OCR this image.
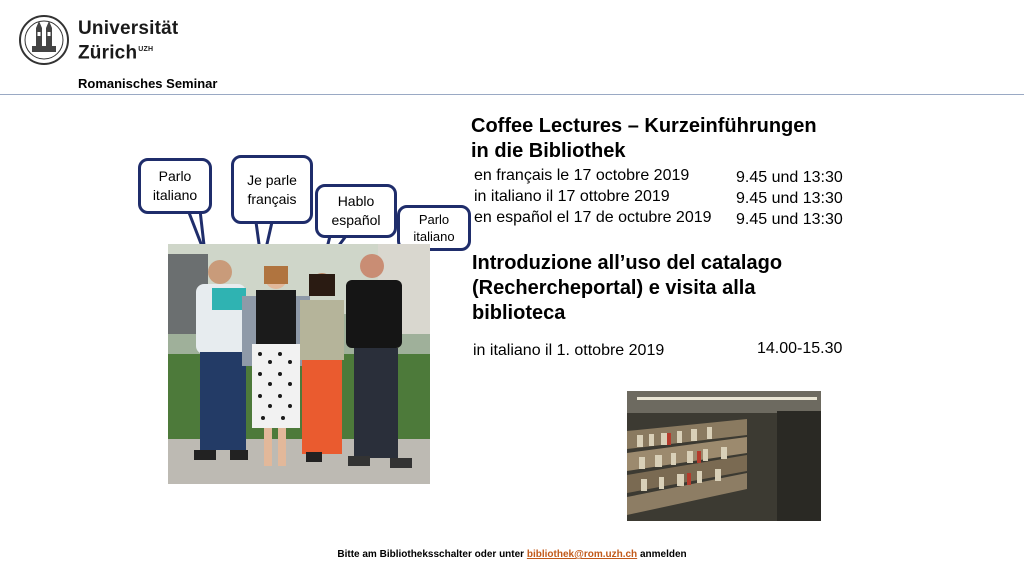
Universität
Zürich$^{UZH}$
Romanisches Seminar
Parlo
italiano
Je parle
français	Hablo
español	Parlo
italiano
Coffee Lectures – Kurzeinführungen
in die Bibliothek
en français le 17 octobre 2019	9.45 und 13:30
in italiano il 17 ottobre 2019	9.45 und 13:30
en español el 17 de octubre 2019 9.45 und 13:30
Introduzione all’uso del catalago
(Rechercheportal) e visita alla
biblioteca
in italiano il 1. ottobre 2019	14.00-15.30
Bitte am Bibliotheksschalter oder unter bibliothek@rom.uzh.ch anmelden
